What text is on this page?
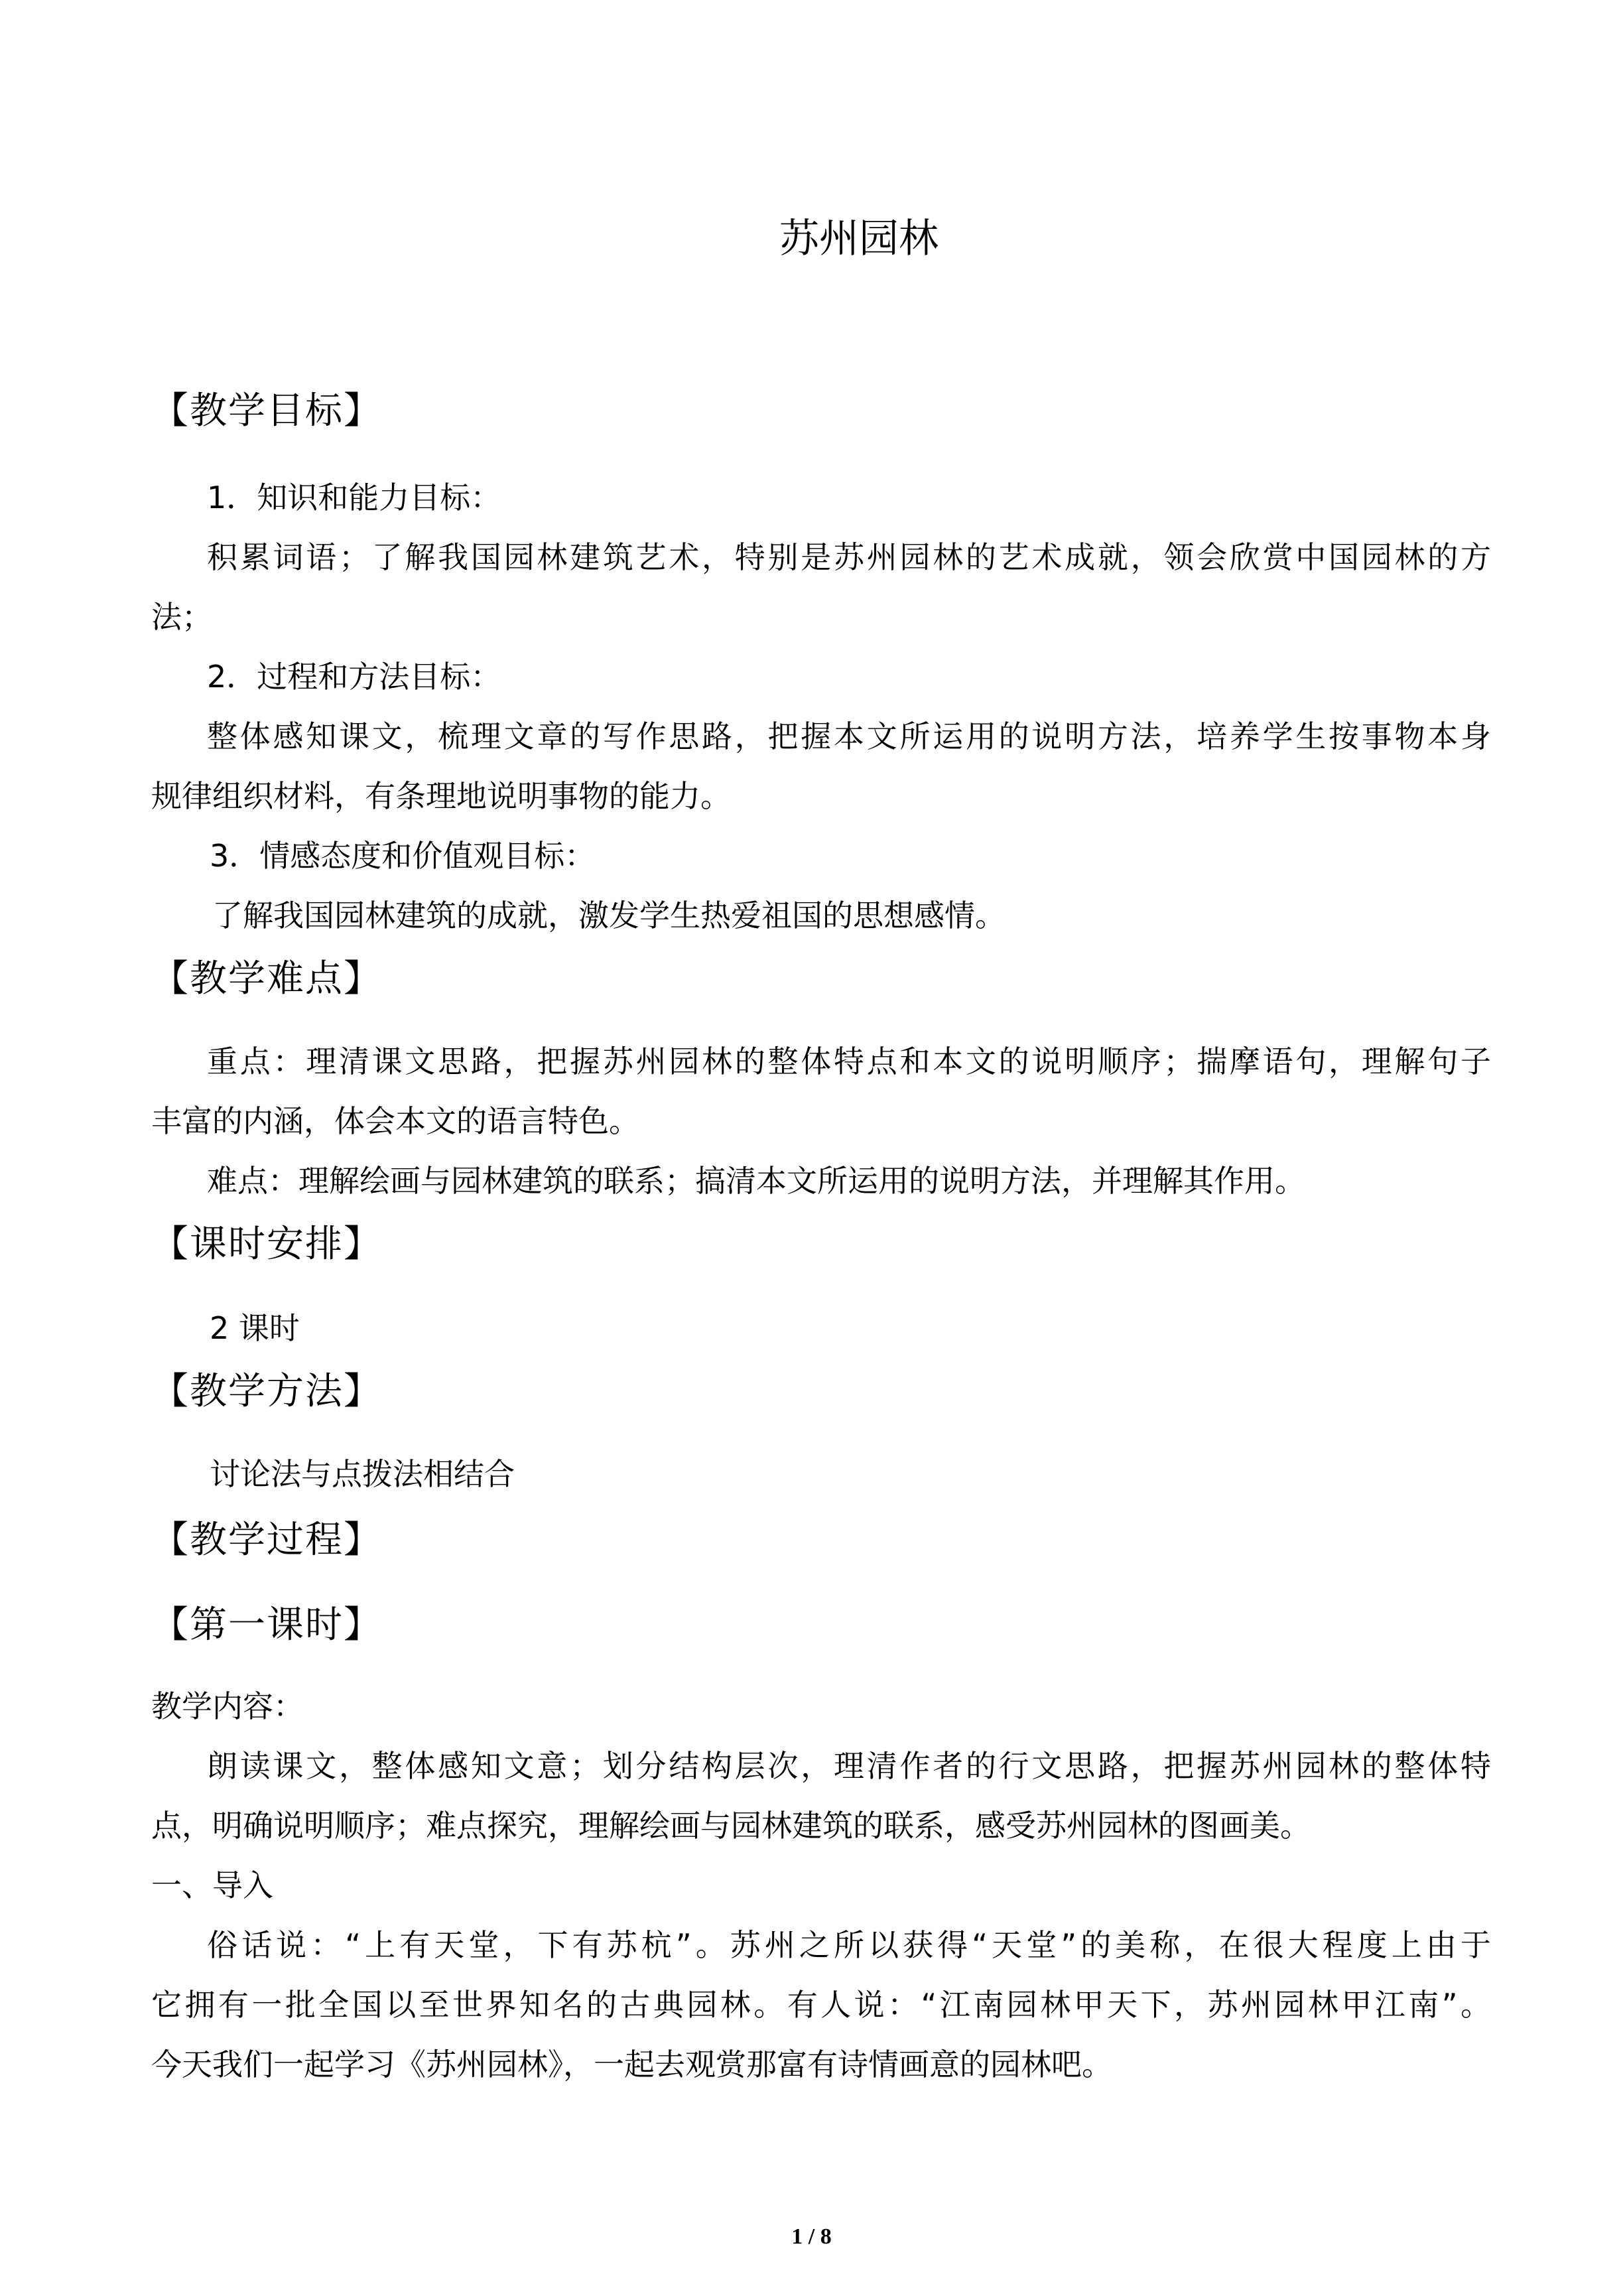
苏州园林
【教学目标】
1．知识和能力目标：
积累词语；了解我国园林建筑艺术，特别是苏州园林的艺术成就，领会欣赏中国园林的方
法；
2．过程和方法目标：
整体感知课文，梳理文章的写作思路，把握本文所运用的说明方法，培养学生按事物本身
规律组织材料，有条理地说明事物的能力。
3．情感态度和价值观目标：
了解我国园林建筑的成就，激发学生热爱祖国的思想感情。
【教学难点】
重点：理清课文思路，把握苏州园林的整体特点和本文的说明顺序；揣摩语句，理解句子
丰富的内涵，体会本文的语言特色。
难点：理解绘画与园林建筑的联系；搞清本文所运用的说明方法，并理解其作用。
【课时安排】
2 课时
【教学方法】
讨论法与点拨法相结合
【教学过程】
【第一课时】
教学内容：
朗读课文，整体感知文意；划分结构层次，理清作者的行文思路，把握苏州园林的整体特
点，明确说明顺序；难点探究，理解绘画与园林建筑的联系，感受苏州园林的图画美。
一、导入
俗话说：“上有天堂，下有苏杭”。苏州之所以获得“天堂”的美称，在很大程度上由于
它拥有一批全国以至世界知名的古典园林。有人说：“江南园林甲天下，苏州园林甲江南”。
今天我们一起学习《苏州园林》，一起去观赏那富有诗情画意的园林吧。
1 / 8
